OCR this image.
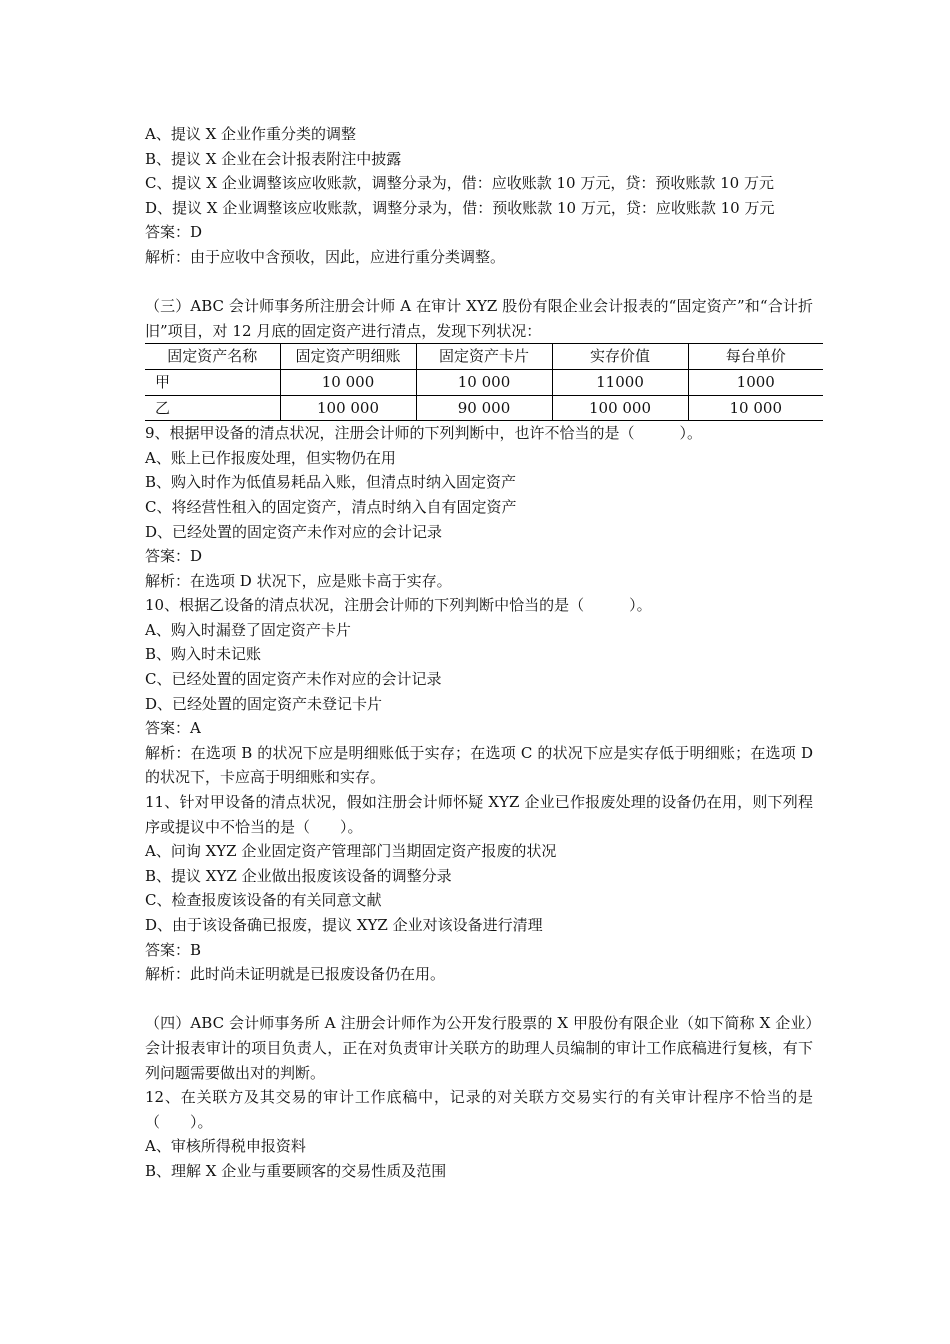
A、提议 X 企业作重分类的调整
B、提议 X 企业在会计报表附注中披露
C、提议 X 企业调整该应收账款，调整分录为，借：应收账款 10 万元，贷：预收账款 10 万元
D、提议 X 企业调整该应收账款，调整分录为，借：预收账款 10 万元，贷：应收账款 10 万元
答案：D
解析：由于应收中含预收，因此，应进行重分类调整。
（三）ABC 会计师事务所注册会计师 A 在审计 XYZ 股份有限企业会计报表的“固定资产”和“合计折旧”项目，对 12 月底的固定资产进行清点，发现下列状况：
固定资产名称	固定资产明细账	固定资产卡片	实存价值	每台单价
甲	10 000	10 000	11000	1000
乙	100 000	90 000	100 000	10 000
9、根据甲设备的清点状况，注册会计师的下列判断中，也许不恰当的是（　　　）。
A、账上已作报废处理，但实物仍在用
B、购入时作为低值易耗品入账，但清点时纳入固定资产
C、将经营性租入的固定资产，清点时纳入自有固定资产
D、已经处置的固定资产未作对应的会计记录
答案：D
解析：在选项 D 状况下，应是账卡高于实存。
10、根据乙设备的清点状况，注册会计师的下列判断中恰当的是（　　　）。
A、购入时漏登了固定资产卡片
B、购入时未记账
C、已经处置的固定资产未作对应的会计记录
D、已经处置的固定资产未登记卡片
答案：A
解析：在选项 B 的状况下应是明细账低于实存；在选项 C 的状况下应是实存低于明细账；在选项 D 的状况下，卡应高于明细账和实存。
11、针对甲设备的清点状况，假如注册会计师怀疑 XYZ 企业已作报废处理的设备仍在用，则下列程序或提议中不恰当的是（　　）。
A、问询 XYZ 企业固定资产管理部门当期固定资产报废的状况
B、提议 XYZ 企业做出报废该设备的调整分录
C、检查报废该设备的有关同意文献
D、由于该设备确已报废，提议 XYZ 企业对该设备进行清理
答案：B
解析：此时尚未证明就是已报废设备仍在用。
（四）ABC 会计师事务所 A 注册会计师作为公开发行股票的 X 甲股份有限企业（如下简称 X 企业）会计报表审计的项目负责人，正在对负责审计关联方的助理人员编制的审计工作底稿进行复核，有下列问题需要做出对的判断。
12、在关联方及其交易的审计工作底稿中，记录的对关联方交易实行的有关审计程序不恰当的是（　　）。
A、审核所得税申报资料
B、理解 X 企业与重要顾客的交易性质及范围
